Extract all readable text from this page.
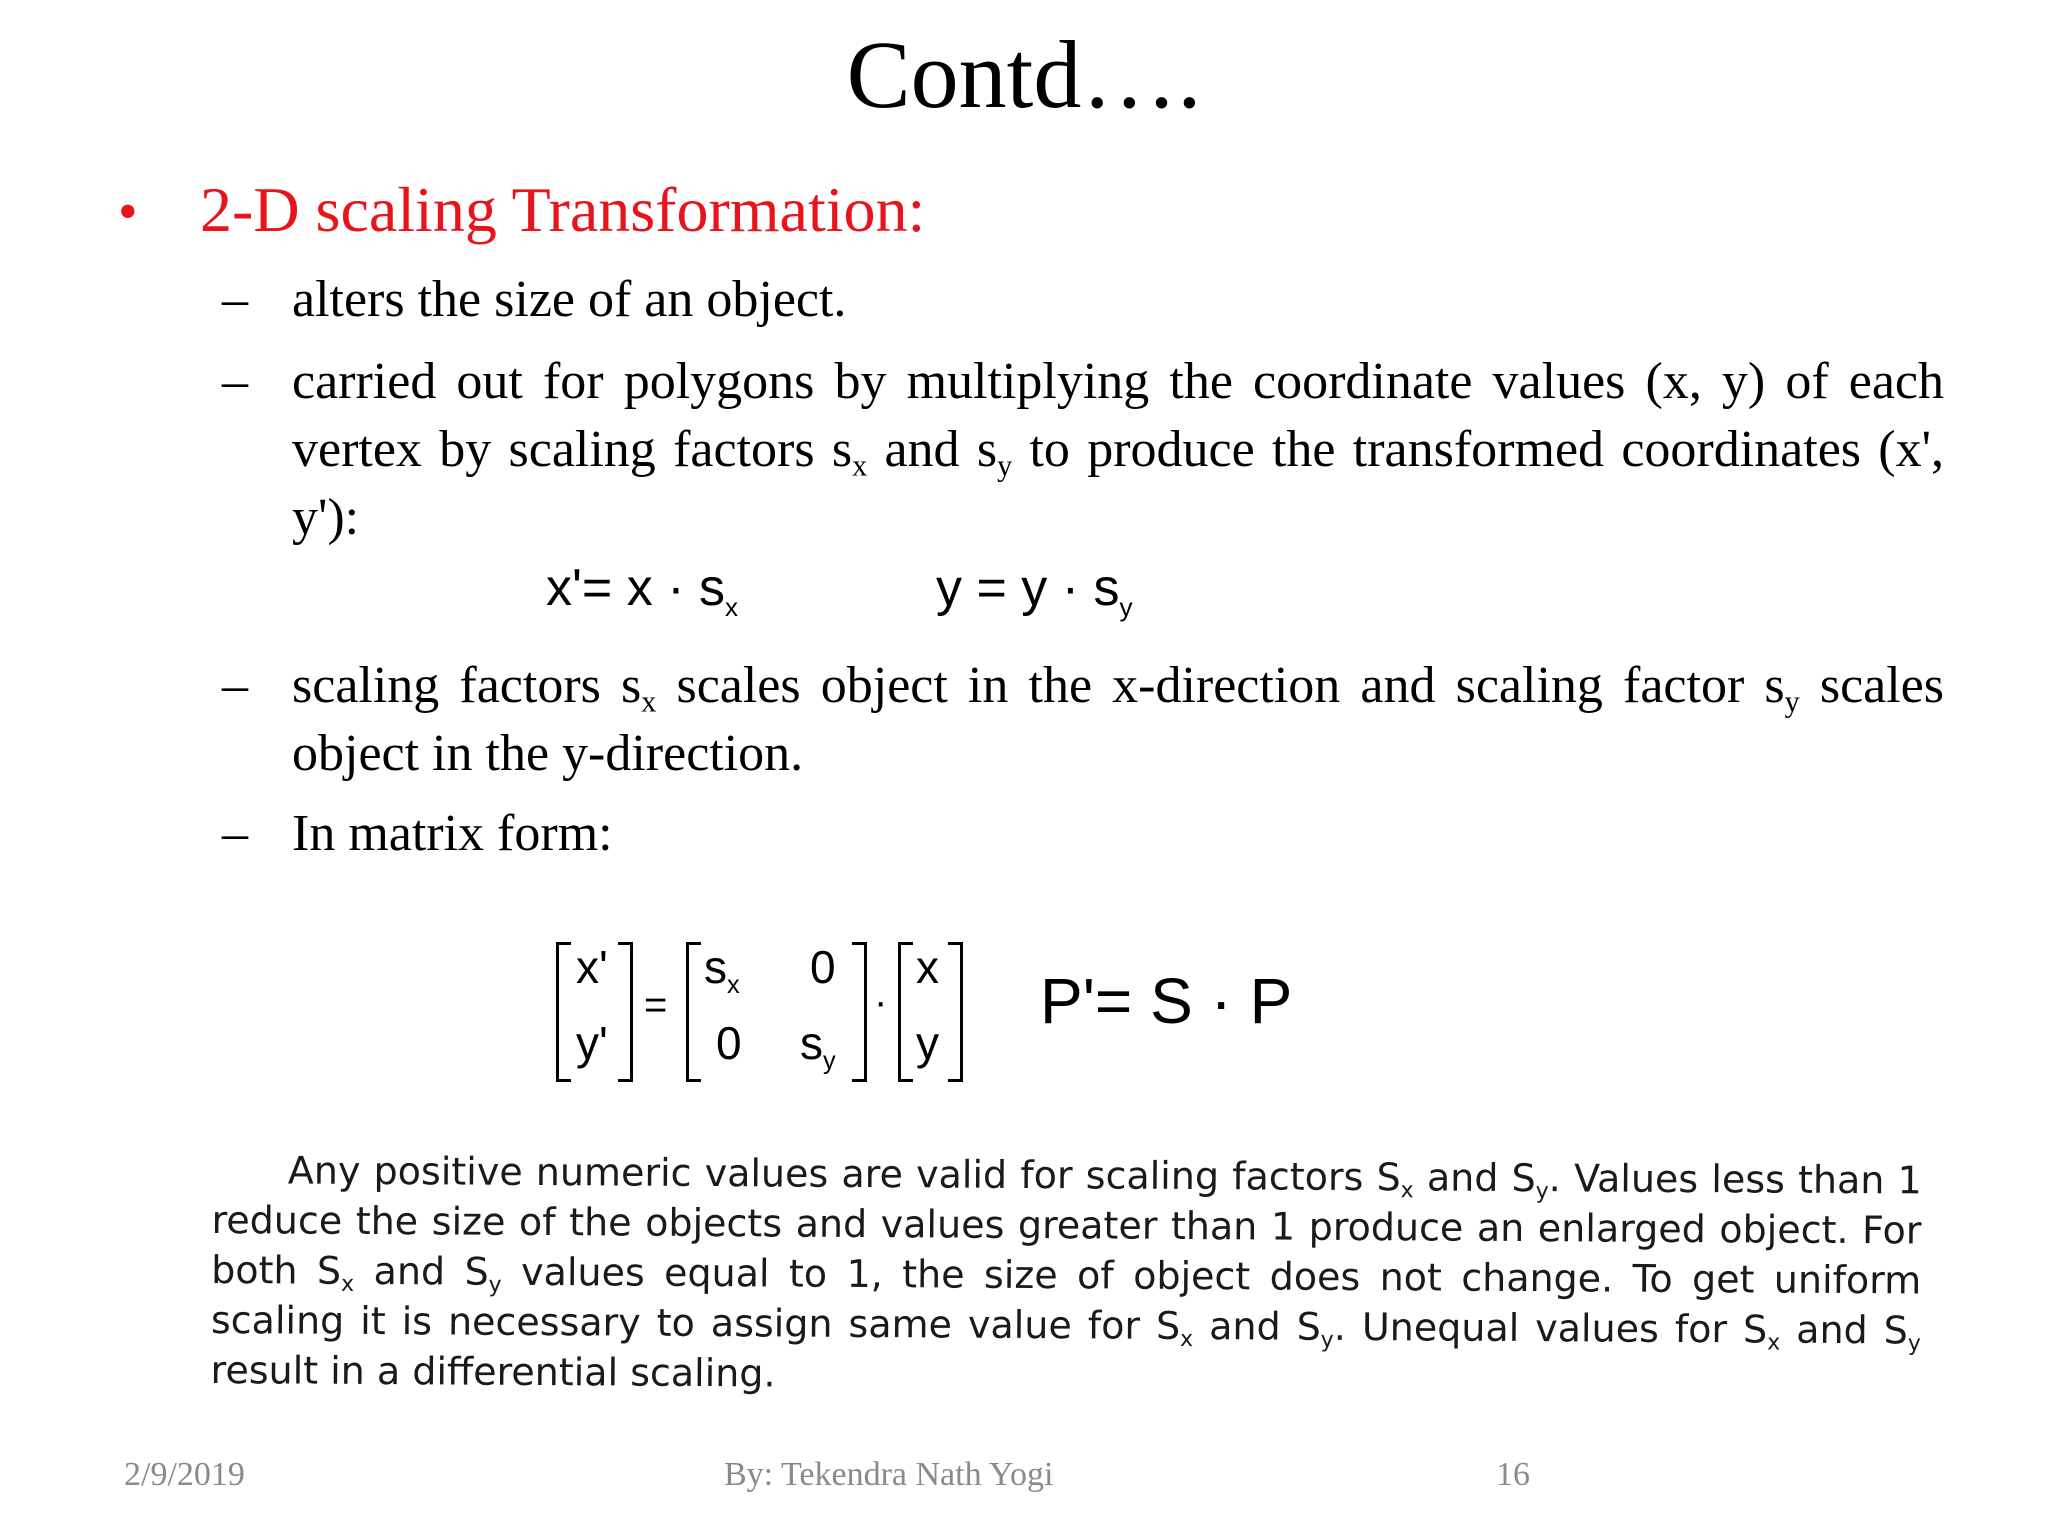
Contd….
• 2-D scaling Transformation:
– alters the size of an object.
– carried out for polygons by multiplying the coordinate values (x, y) of each vertex by scaling factors $s_x$ and $s_y$ to produce the transformed coordinates (x', y'):
$x'= x \cdot s_x$	$y = y \cdot s_y$
– scaling factors $s_x$ scales object in the x-direction and scaling factor $s_y$ scales object in the y-direction.
– In matrix form:
x'
y'
=
$s_x$ 0
0 $s_y$
·
x
y
P'= S · P
Any positive numeric values are valid for scaling factors $S_x$ and $S_y$. Values less than 1 reduce the size of the objects and values greater than 1 produce an enlarged object. For both $S_x$ and $S_y$ values equal to 1, the size of object does not change. To get uniform scaling it is necessary to assign same value for $S_x$ and $S_y$. Unequal values for $S_x$ and $S_y$ result in a differential scaling.
2/9/2019	By: Tekendra Nath Yogi	16
